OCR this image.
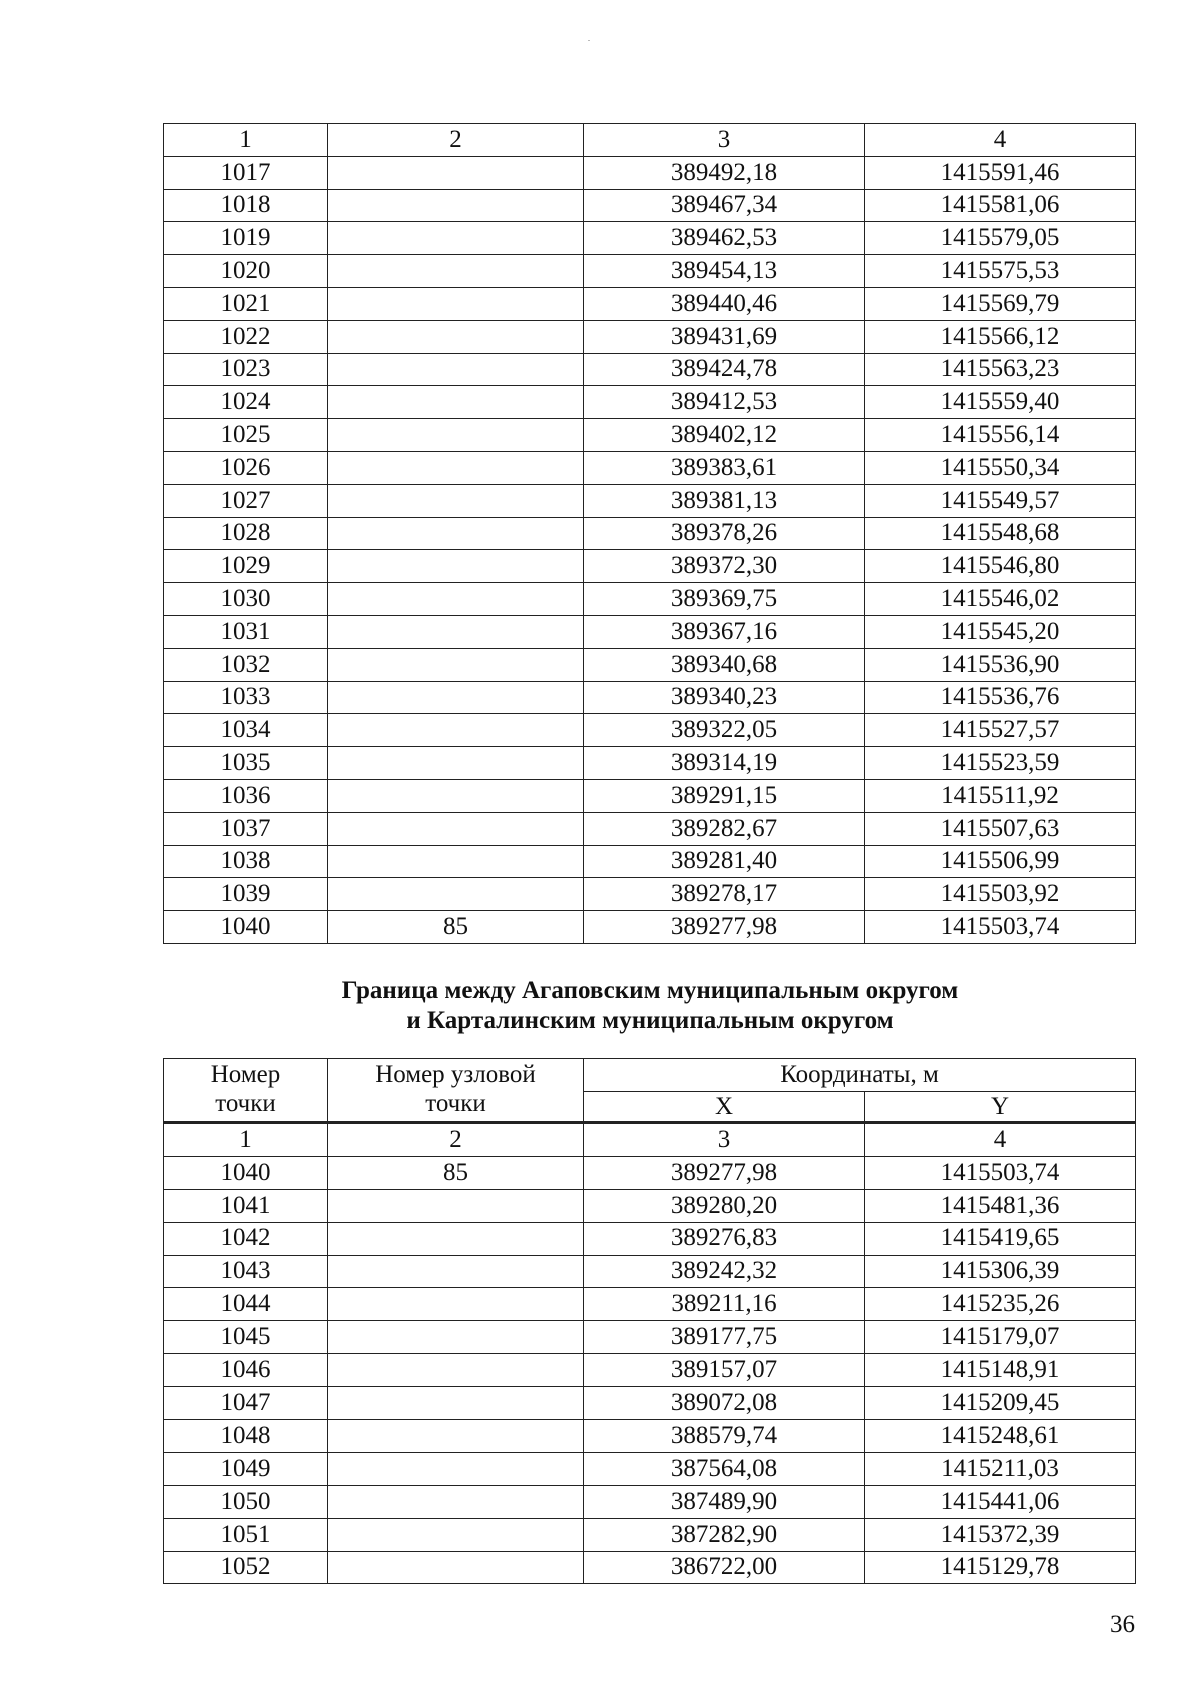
1	2	3	4
1017		389492,18	1415591,46
1018		389467,34	1415581,06
1019		389462,53	1415579,05
1020		389454,13	1415575,53
1021		389440,46	1415569,79
1022		389431,69	1415566,12
1023		389424,78	1415563,23
1024		389412,53	1415559,40
1025		389402,12	1415556,14
1026		389383,61	1415550,34
1027		389381,13	1415549,57
1028		389378,26	1415548,68
1029		389372,30	1415546,80
1030		389369,75	1415546,02
1031		389367,16	1415545,20
1032		389340,68	1415536,90
1033		389340,23	1415536,76
1034		389322,05	1415527,57
1035		389314,19	1415523,59
1036		389291,15	1415511,92
1037		389282,67	1415507,63
1038		389281,40	1415506,99
1039		389278,17	1415503,92
1040	85	389277,98	1415503,74
Граница между Агаповским муниципальным округом
и Карталинским муниципальным округом
Номер точки	Номер узловой точки	Координаты, м	
		X	Y
1	2	3	4
1040	85	389277,98	1415503,74
1041		389280,20	1415481,36
1042		389276,83	1415419,65
1043		389242,32	1415306,39
1044		389211,16	1415235,26
1045		389177,75	1415179,07
1046		389157,07	1415148,91
1047		389072,08	1415209,45
1048		388579,74	1415248,61
1049		387564,08	1415211,03
1050		387489,90	1415441,06
1051		387282,90	1415372,39
1052		386722,00	1415129,78
36
